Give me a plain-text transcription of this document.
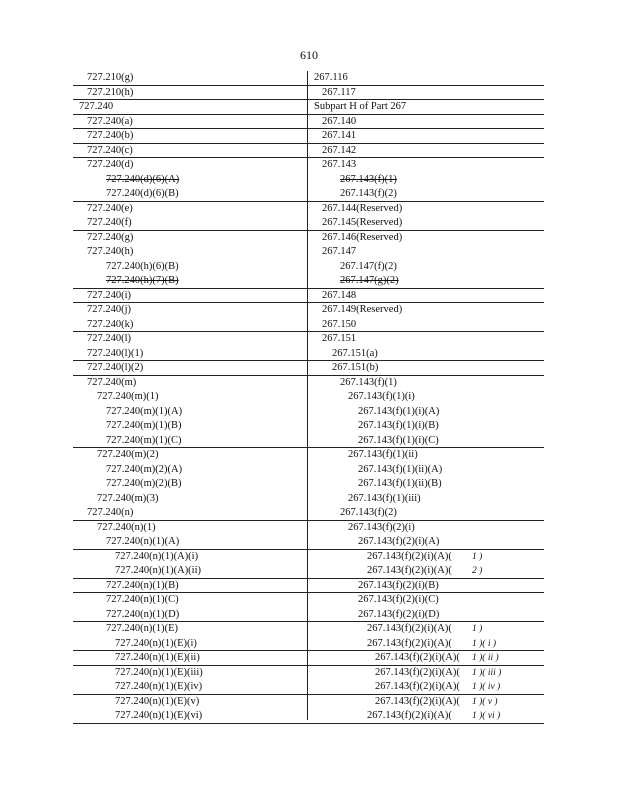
610
727.210(g)	267.116
727.210(h)	267.117
727.240	Subpart H of Part 267
727.240(a)	267.140
727.240(b)	267.141
727.240(c)	267.142
727.240(d)	267.143
727.240(d)(6)(A)	267.143(f)(1)
727.240(d)(6)(B)	267.143(f)(2)
727.240(e)	267.144(Reserved)
727.240(f)	267.145(Reserved)
727.240(g)	267.146(Reserved)
727.240(h)	267.147
727.240(h)(6)(B)	267.147(f)(2)
727.240(h)(7)(B)	267.147(g)(2)
727.240(i)	267.148
727.240(j)	267.149(Reserved)
727.240(k)	267.150
727.240(l)	267.151
727.240(l)(1)	267.151(a)
727.240(l)(2)	267.151(b)
727.240(m)	267.143(f)(1)
727.240(m)(1)	267.143(f)(1)(i)
727.240(m)(1)(A)	267.143(f)(1)(i)(A)
727.240(m)(1)(B)	267.143(f)(1)(i)(B)
727.240(m)(1)(C)	267.143(f)(1)(i)(C)
727.240(m)(2)	267.143(f)(1)(ii)
727.240(m)(2)(A)	267.143(f)(1)(ii)(A)
727.240(m)(2)(B)	267.143(f)(1)(ii)(B)
727.240(m)(3)	267.143(f)(1)(iii)
727.240(n)	267.143(f)(2)
727.240(n)(1)	267.143(f)(2)(i)
727.240(n)(1)(A)	267.143(f)(2)(i)(A)
727.240(n)(1)(A)(i)	267.143(f)(2)(i)(A)( 1 )
727.240(n)(1)(A)(ii)	267.143(f)(2)(i)(A)( 2 )
727.240(n)(1)(B)	267.143(f)(2)(i)(B)
727.240(n)(1)(C)	267.143(f)(2)(i)(C)
727.240(n)(1)(D)	267.143(f)(2)(i)(D)
727.240(n)(1)(E)	267.143(f)(2)(i)(A)( 1 )
727.240(n)(1)(E)(i)	267.143(f)(2)(i)(A)( 1 )( i )
727.240(n)(1)(E)(ii)	267.143(f)(2)(i)(A)( 1 )( ii )
727.240(n)(1)(E)(iii)	267.143(f)(2)(i)(A)( 1 )( iii )
727.240(n)(1)(E)(iv)	267.143(f)(2)(i)(A)( 1 )( iv )
727.240(n)(1)(E)(v)	267.143(f)(2)(i)(A)( 1 )( v )
727.240(n)(1)(E)(vi)	267.143(f)(2)(i)(A)( 1 )( vi )
